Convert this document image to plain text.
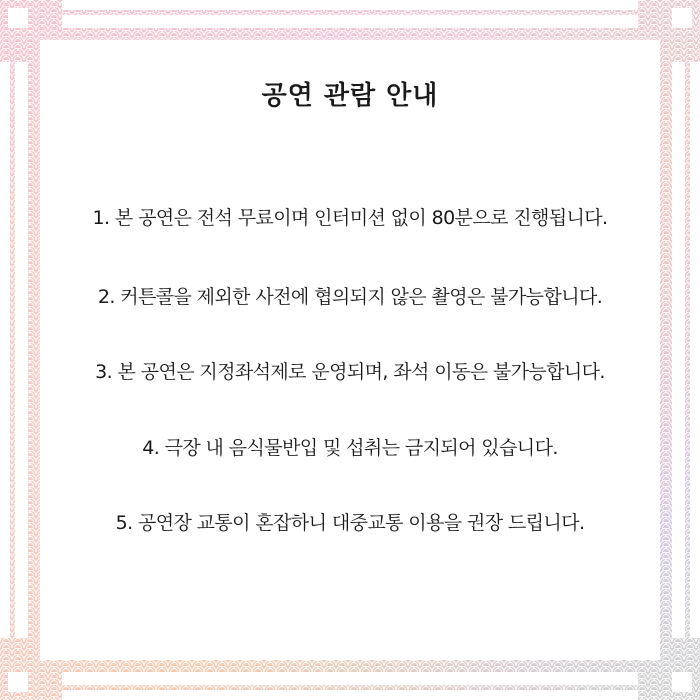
공연 관람 안내

1. 본 공연은 전석 무료이며 인터미션 없이 80분으로 진행됩니다.

2. 커튼콜을 제외한 사전에 협의되지 않은 촬영은 불가능합니다.

3. 본 공연은 지정좌석제로 운영되며, 좌석 이동은 불가능합니다.

4. 극장 내 음식물반입 및 섭취는 금지되어 있습니다.

5. 공연장 교통이 혼잡하니 대중교통 이용을 권장 드립니다.
